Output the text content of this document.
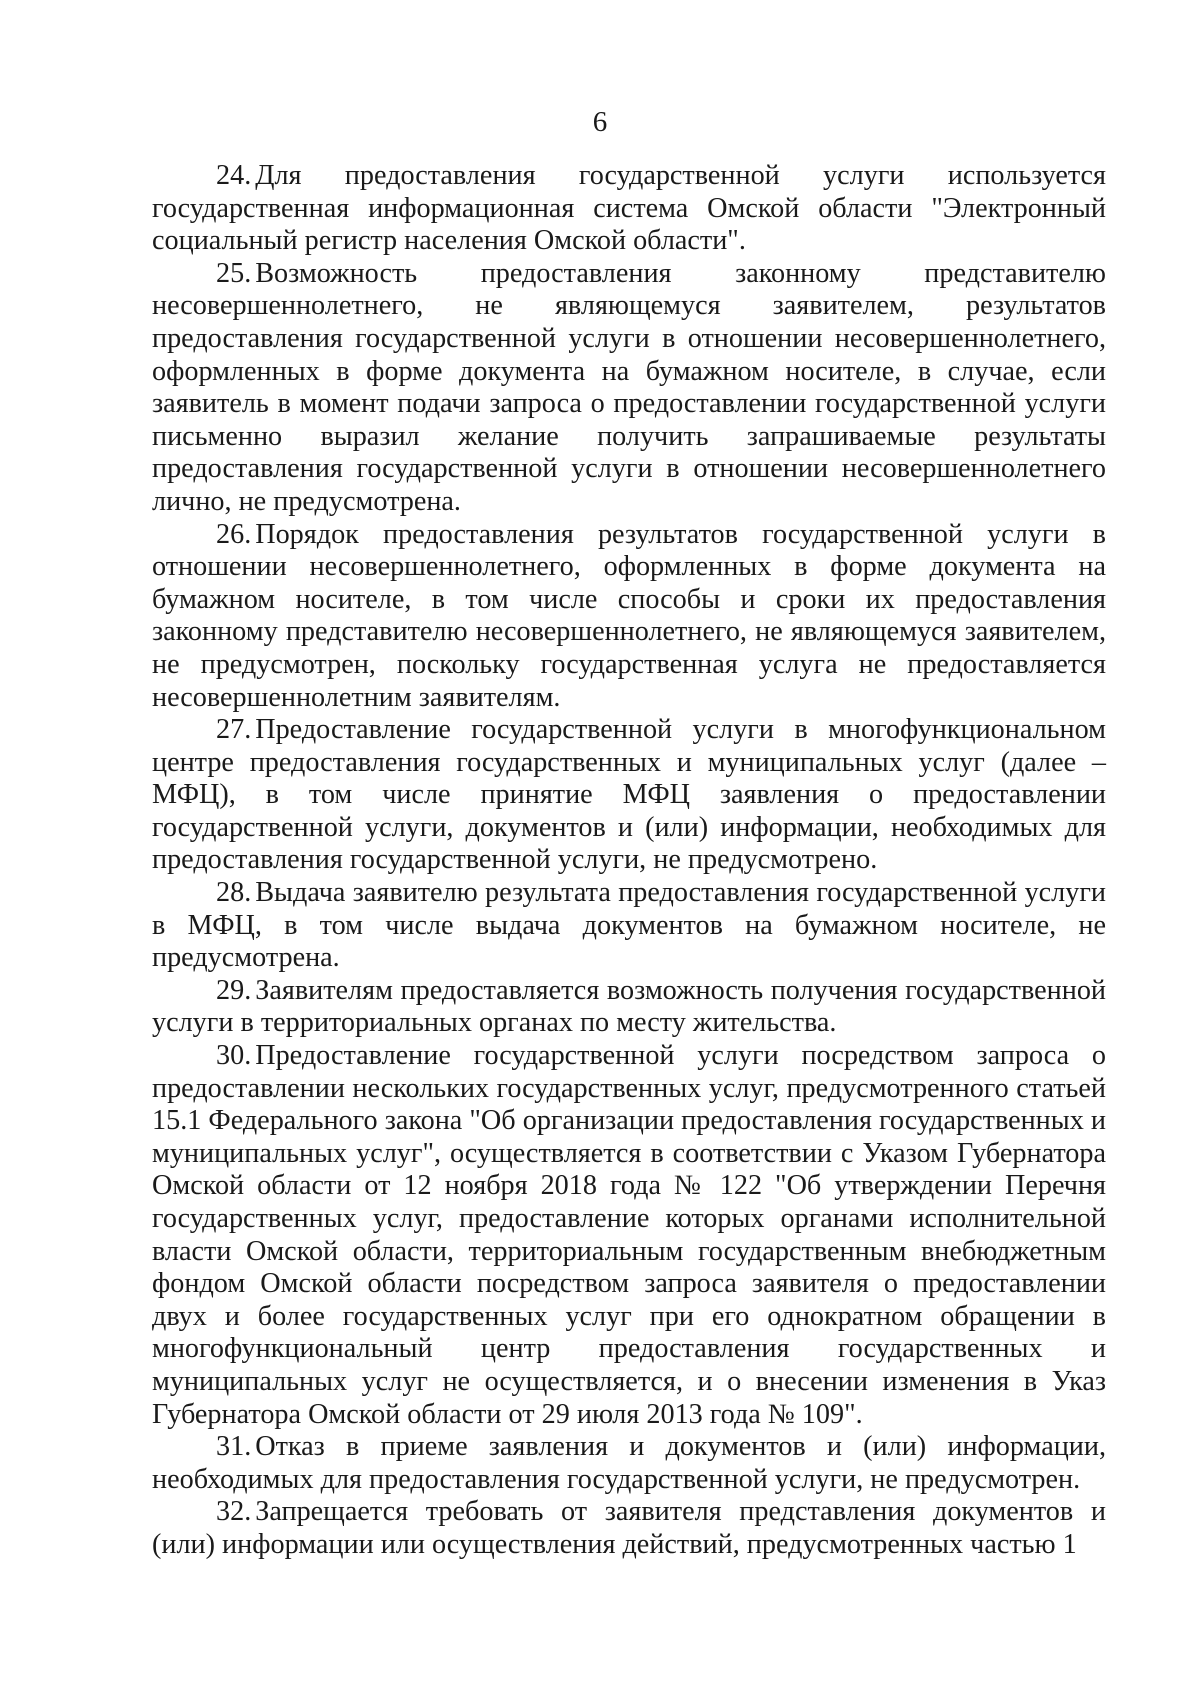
6

24. Для предоставления государственной услуги используется государственная информационная система Омской области "Электронный социальный регистр населения Омской области".

25. Возможность предоставления законному представителю несовершеннолетнего, не являющемуся заявителем, результатов предоставления государственной услуги в отношении несовершеннолетнего, оформленных в форме документа на бумажном носителе, в случае, если заявитель в момент подачи запроса о предоставлении государственной услуги письменно выразил желание получить запрашиваемые результаты предоставления государственной услуги в отношении несовершеннолетнего лично, не предусмотрена.

26. Порядок предоставления результатов государственной услуги в отношении несовершеннолетнего, оформленных в форме документа на бумажном носителе, в том числе способы и сроки их предоставления законному представителю несовершеннолетнего, не являющемуся заявителем, не предусмотрен, поскольку государственная услуга не предоставляется несовершеннолетним заявителям.

27. Предоставление государственной услуги в многофункциональном центре предоставления государственных и муниципальных услуг (далее – МФЦ), в том числе принятие МФЦ заявления о предоставлении государственной услуги, документов и (или) информации, необходимых для предоставления государственной услуги, не предусмотрено.

28. Выдача заявителю результата предоставления государственной услуги в МФЦ, в том числе выдача документов на бумажном носителе, не предусмотрена.

29. Заявителям предоставляется возможность получения государственной услуги в территориальных органах по месту жительства.

30. Предоставление государственной услуги посредством запроса о предоставлении нескольких государственных услуг, предусмотренного статьей 15.1 Федерального закона "Об организации предоставления государственных и муниципальных услуг", осуществляется в соответствии с Указом Губернатора Омской области от 12 ноября 2018 года № 122 "Об утверждении Перечня государственных услуг, предоставление которых органами исполнительной власти Омской области, территориальным государственным внебюджетным фондом Омской области посредством запроса заявителя о предоставлении двух и более государственных услуг при его однократном обращении в многофункциональный центр предоставления государственных и муниципальных услуг не осуществляется, и о внесении изменения в Указ Губернатора Омской области от 29 июля 2013 года № 109".

31. Отказ в приеме заявления и документов и (или) информации, необходимых для предоставления государственной услуги, не предусмотрен.

32. Запрещается требовать от заявителя представления документов и (или) информации или осуществления действий, предусмотренных частью 1
